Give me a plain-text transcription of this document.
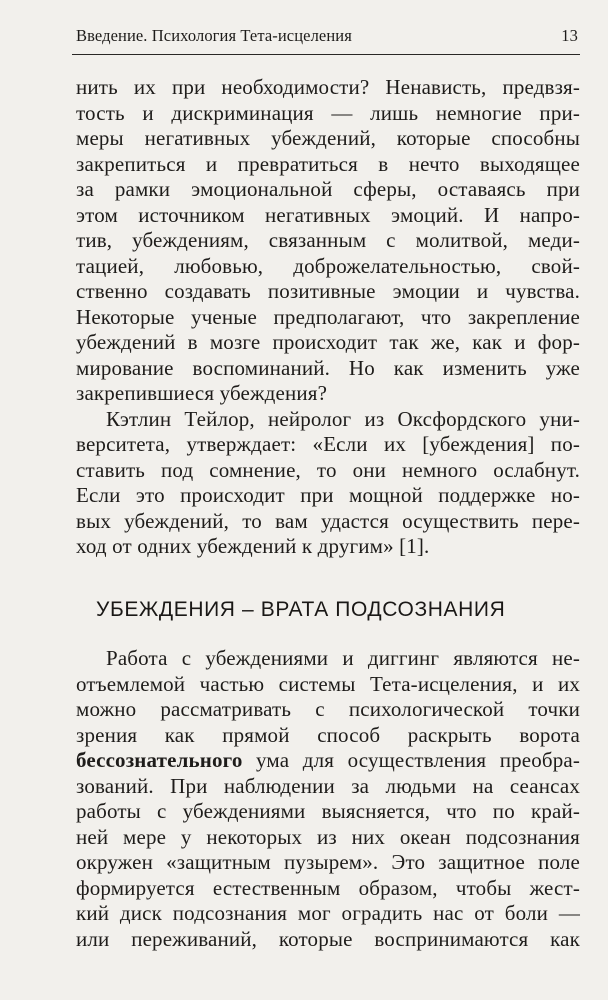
Введение. Психология Тета-исцеления	13
нить их при необходимости? Ненависть, предвзя-
тость и дискриминация — лишь немногие при-
меры негативных убеждений, которые способны
закрепиться и превратиться в нечто выходящее
за рамки эмоциональной сферы, оставаясь при
этом источником негативных эмоций. И напро-
тив, убеждениям, связанным с молитвой, меди-
тацией, любовью, доброжелательностью, свой-
ственно создавать позитивные эмоции и чувства.
Некоторые ученые предполагают, что закрепление
убеждений в мозге происходит так же, как и фор-
мирование воспоминаний. Но как изменить уже
закрепившиеся убеждения?
Кэтлин Тейлор, нейролог из Оксфордского уни-
верситета, утверждает: «Если их [убеждения] по-
ставить под сомнение, то они немного ослабнут.
Если это происходит при мощной поддержке но-
вых убеждений, то вам удастся осуществить пере-
ход от одних убеждений к другим» [1].
УБЕЖДЕНИЯ – ВРАТА ПОДСОЗНАНИЯ
Работа с убеждениями и диггинг являются не-
отъемлемой частью системы Тета-исцеления, и их
можно рассматривать с психологической точки
зрения как прямой способ раскрыть ворота
бессознательного ума для осуществления преобра-
зований. При наблюдении за людьми на сеансах
работы с убеждениями выясняется, что по край-
ней мере у некоторых из них океан подсознания
окружен «защитным пузырем». Это защитное поле
формируется естественным образом, чтобы жест-
кий диск подсознания мог оградить нас от боли —
или переживаний, которые воспринимаются как
